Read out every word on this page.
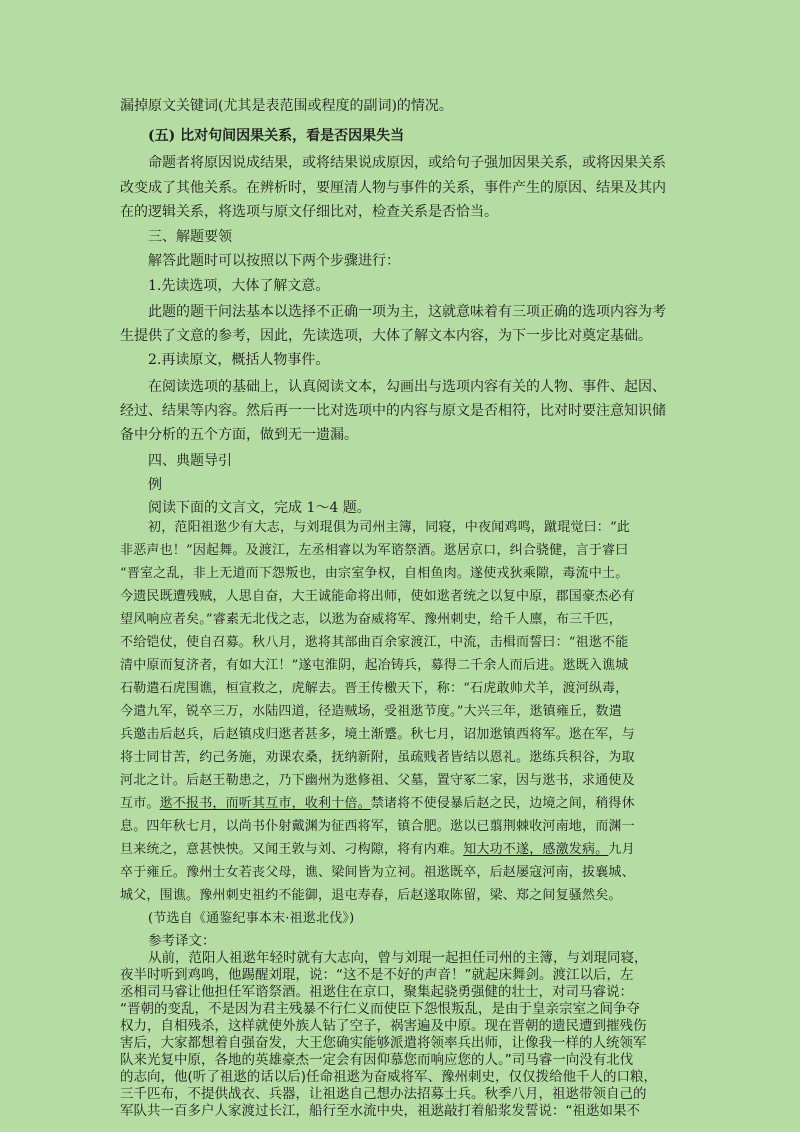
漏掉原文关键词(尤其是表范围或程度的副词)的情况。
(五) 比对句间因果关系，看是否因果失当
命题者将原因说成结果，或将结果说成原因，或给句子强加因果关系，或将因果关系
改变成了其他关系。在辨析时，要厘清人物与事件的关系，事件产生的原因、结果及其内
在的逻辑关系，将选项与原文仔细比对，检查关系是否恰当。
三、解题要领
解答此题时可以按照以下两个步骤进行：
1.先读选项，大体了解文意。
此题的题干问法基本以选择不正确一项为主，这就意味着有三项正确的选项内容为考
生提供了文意的参考，因此，先读选项，大体了解文本内容，为下一步比对奠定基础。
2.再读原文，概括人物事件。
在阅读选项的基础上，认真阅读文本，勾画出与选项内容有关的人物、事件、起因、
经过、结果等内容。然后再一一比对选项中的内容与原文是否相符，比对时要注意知识储
备中分析的五个方面，做到无一遗漏。
四、典题导引
例
阅读下面的文言文，完成 1～4 题。
初，范阳祖逖少有大志，与刘琨俱为司州主簿，同寝，中夜闻鸡鸣，蹴琨觉曰：“此
非恶声也！”因起舞。及渡江，左丞相睿以为军谘祭酒。逖居京口，纠合骁健，言于睿曰
“晋室之乱，非上无道而下怨叛也，由宗室争权，自相鱼肉。遂使戎狄乘隙，毒流中土。
今遗民既遭残贼，人思自奋，大王诚能命将出师，使如逖者统之以复中原，郡国豪杰必有
望风响应者矣。”睿素无北伐之志，以逖为奋威将军、豫州刺史，给千人廪，布三千匹，
不给铠仗，使自召募。秋八月，逖将其部曲百余家渡江，中流，击楫而誓曰：“祖逖不能
清中原而复济者，有如大江！”遂屯淮阴，起冶铸兵，募得二千余人而后进。逖既入谯城
石勒遣石虎围谯，桓宣救之，虎解去。晋王传檄天下，称：“石虎敢帅犬羊，渡河纵毒，
今遣九军，锐卒三万，水陆四道，径造贼场，受祖逖节度。”大兴三年，逖镇雍丘，数遣
兵邀击后赵兵，后赵镇戍归逖者甚多，境土渐蹙。秋七月，诏加逖镇西将军。逖在军，与
将士同甘苦，约己务施，劝课农桑，抚纳新附，虽疏贱者皆结以恩礼。逖练兵积谷，为取
河北之计。后赵王勒患之，乃下幽州为逖修祖、父墓，置守冢二家，因与逖书，求通使及
互市。逖不报书，而听其互市，收利十倍。禁诸将不使侵暴后赵之民，边境之间，稍得休
息。四年秋七月，以尚书仆射戴渊为征西将军，镇合肥。逖以已翦荆棘收河南地，而渊一
旦来统之，意甚怏怏。又闻王敦与刘、刁构隙，将有内难。知大功不遂，感激发病。九月
卒于雍丘。豫州士女若丧父母，谯、梁间皆为立祠。祖逖既卒，后赵屡寇河南，拔襄城、
城父，围谯。豫州刺史祖约不能御，退屯寿春，后赵遂取陈留，梁、郑之间复骚然矣。
(节选自《通鉴纪事本末·祖逖北伐》)
参考译文：
从前，范阳人祖逖年轻时就有大志向，曾与刘琨一起担任司州的主簿，与刘琨同寝，
夜半时听到鸡鸣，他踢醒刘琨，说：“这不是不好的声音！”就起床舞剑。渡江以后，左
丞相司马睿让他担任军谘祭酒。祖逖住在京口，聚集起骁勇强健的壮士，对司马睿说：
“晋朝的变乱，不是因为君主残暴不行仁义而使臣下怨恨叛乱，是由于皇亲宗室之间争夺
权力，自相残杀，这样就使外族人钻了空子，祸害遍及中原。现在晋朝的遗民遭到摧残伤
害后，大家都想着自强奋发，大王您确实能够派遣将领率兵出师，让像我一样的人统领军
队来光复中原，各地的英雄豪杰一定会有因仰慕您而响应您的人。”司马睿一向没有北伐
的志向，他(听了祖逖的话以后)任命祖逖为奋威将军、豫州刺史，仅仅拨给他千人的口粮，
三千匹布，不提供战衣、兵器，让祖逖自己想办法招募士兵。秋季八月，祖逖带领自己的
军队共一百多户人家渡过长江，船行至水流中央，祖逖敲打着船浆发誓说：“祖逖如果不
